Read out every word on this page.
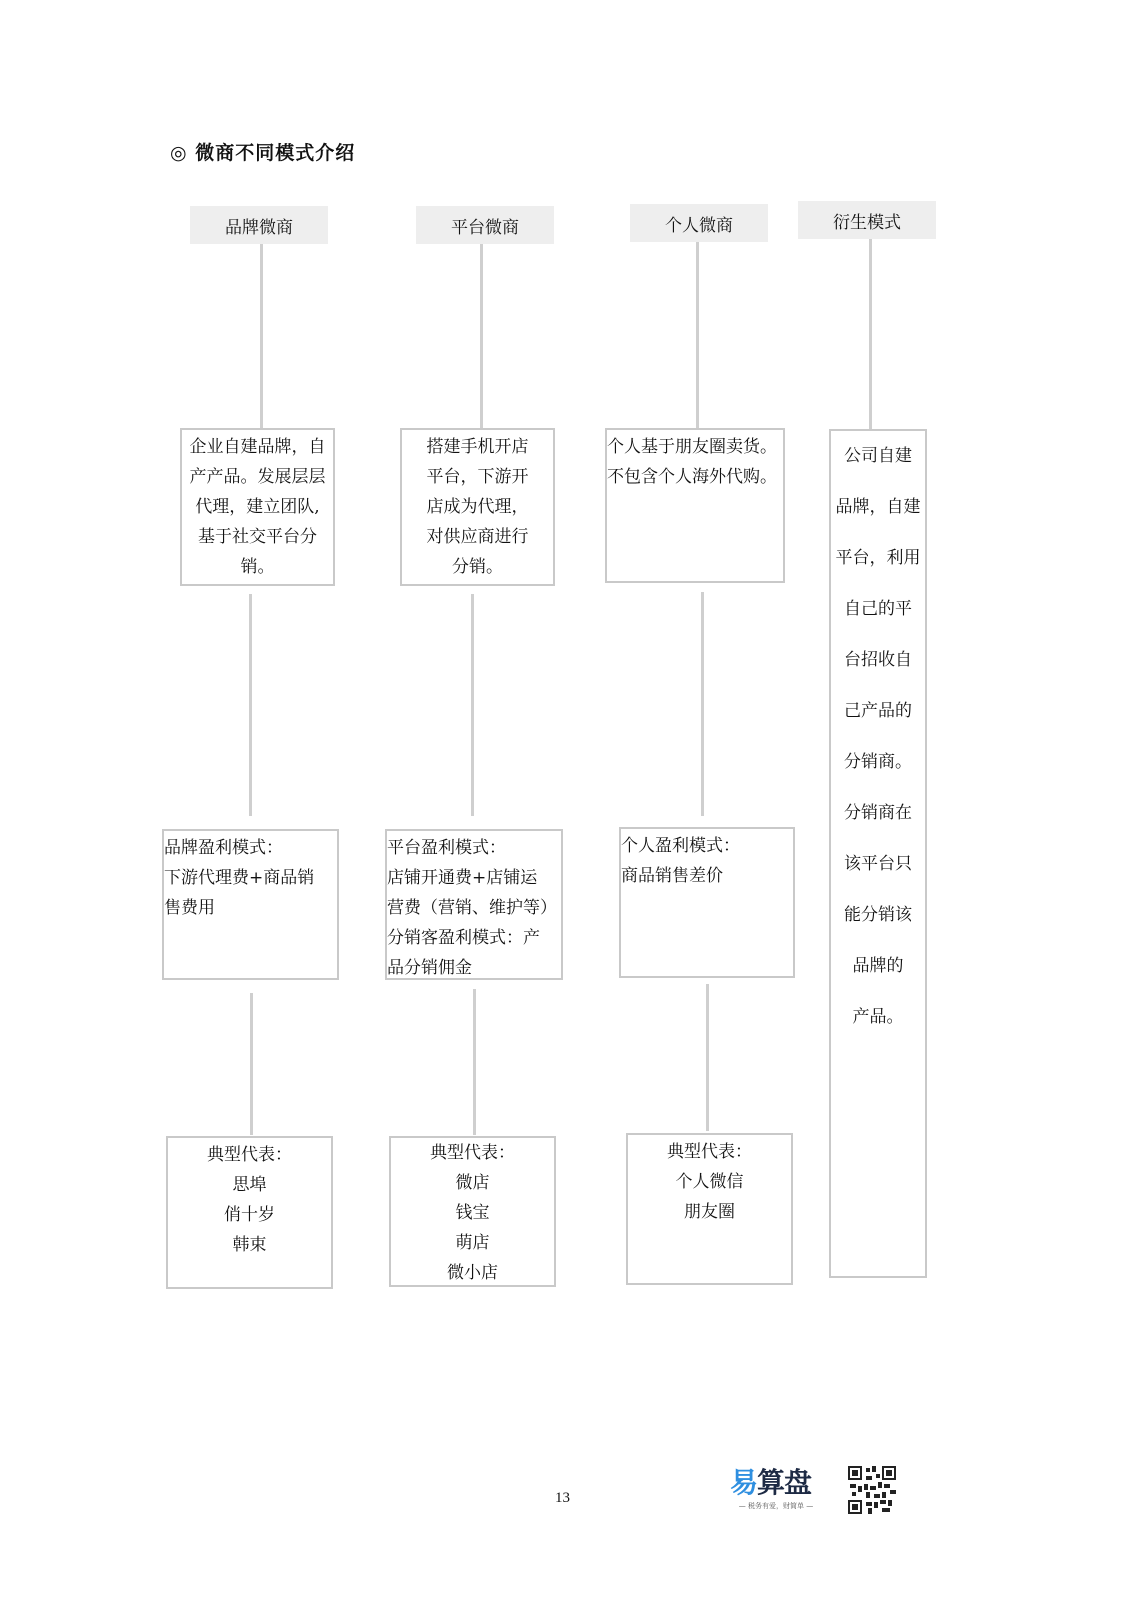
◎ 微商不同模式介绍
品牌微商
企业自建品牌，自
产产品。发展层层
代理，建立团队,
基于社交平台分
销。
品牌盈利模式：
下游代理费+商品销
售费用
典型代表：
思埠
俏十岁
韩束
平台微商
搭建手机开店
平台，下游开
店成为代理，
对供应商进行
分销。
平台盈利模式：
店铺开通费+店铺运
营费（营销、维护等）
分销客盈利模式：产
品分销佣金
典型代表：
微店
钱宝
萌店
微小店
个人微商
个人基于朋友圈卖货。
不包含个人海外代购。
个人盈利模式：
商品销售差价
典型代表：
个人微信
朋友圈
衍生模式
公司自建
品牌，自建
平台，利用
自己的平
台招收自
己产品的
分销商。
分销商在
该平台只
能分销该
品牌的
产品。
13	易算盘
— 税务有爱，财简单 —
